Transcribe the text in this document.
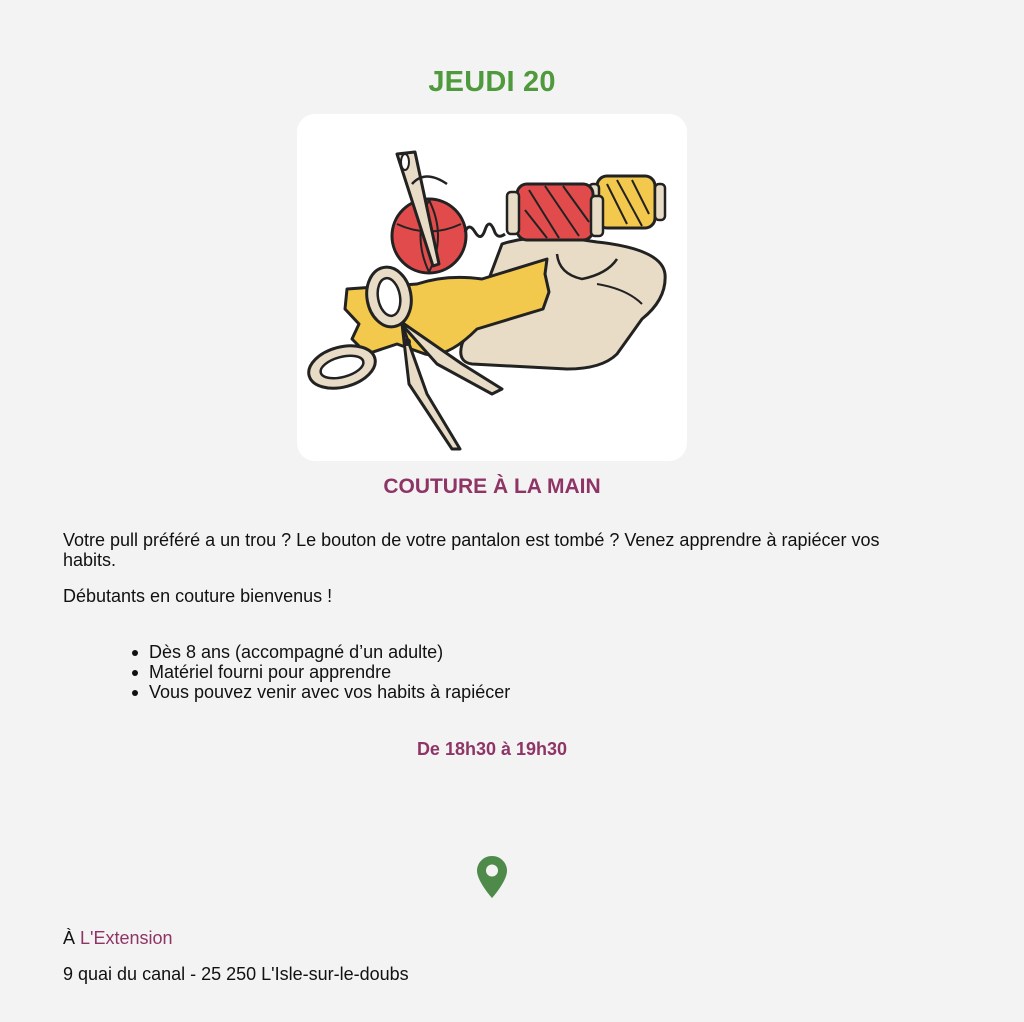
JEUDI 20
COUTURE À LA MAIN

Votre pull préféré a un trou ? Le bouton de votre pantalon est tombé ? Venez apprendre à rapiécer vos habits.

Débutants en couture bienvenus !

Dès 8 ans (accompagné d’un adulte)
Matériel fourni pour apprendre
Vous pouvez venir avec vos habits à rapiécer
De 18h30 à 19h30
À L'Extension
9 quai du canal - 25 250 L'Isle-sur-le-doubs
